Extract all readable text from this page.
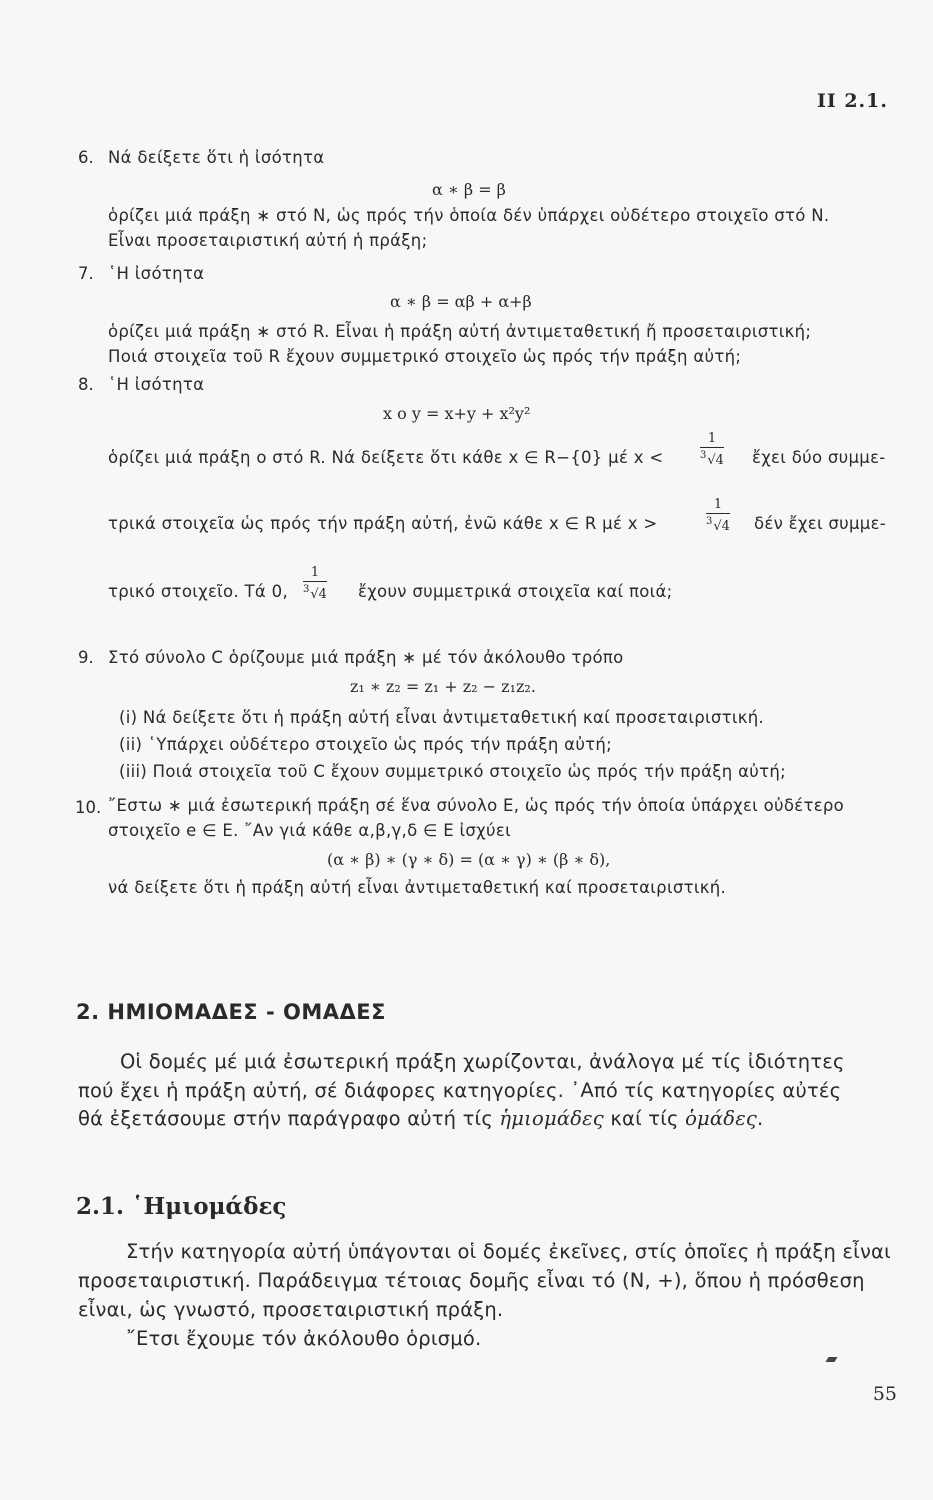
II 2.1.
6. Νά δείξετε ὅτι ἡ ἰσότητα
α ∗ β = β
ὁρίζει μιά πράξη ∗ στό N, ὡς πρός τήν ὁποία δέν ὑπάρχει οὐδέτερο στοιχεῖο στό N.
Εἶναι προσεταιριστική αὐτή ἡ πράξη;
7. ῾Η ἰσότητα
α ∗ β = αβ + α+β
ὁρίζει μιά πράξη ∗ στό R. Εἶναι ἡ πράξη αὐτή ἀντιμεταθετική ἤ προσεταιριστική;
Ποιά στοιχεῖα τοῦ R ἔχουν συμμετρικό στοιχεῖο ὡς πρός τήν πράξη αὐτή;
8. ῾Η ἰσότητα
x o y = x+y + x²y²
ὁρίζει μιά πράξη o στό R. Νά δείξετε ὅτι κάθε x ∈ R−{0} μέ x <	$\frac{1}{^3√4}$ ἔχει δύο συμμε-
τρικά στοιχεῖα ὡς πρός τήν πράξη αὐτή, ἐνῶ κάθε x ∈ R μέ x >	$\frac{1}{^3√4}$ δέν ἔχει συμμε-
τρικό στοιχεῖο. Τά 0, $\frac{1}{^3√4}$ ἔχουν συμμετρικά στοιχεῖα καί ποιά;
9. Στό σύνολο C ὁρίζουμε μιά πράξη ∗ μέ τόν ἀκόλουθο τρόπο
z₁ ∗ z₂ = z₁ + z₂ − z₁z₂.
(i) Νά δείξετε ὅτι ἡ πράξη αὐτή εἶναι ἀντιμεταθετική καί προσεταιριστική.
(ii) ῾Υπάρχει οὐδέτερο στοιχεῖο ὡς πρός τήν πράξη αὐτή;
(iii) Ποιά στοιχεῖα τοῦ C ἔχουν συμμετρικό στοιχεῖο ὡς πρός τήν πράξη αὐτή;
10. ῎Εστω ∗ μιά ἐσωτερική πράξη σέ ἕνα σύνολο E, ὡς πρός τήν ὁποία ὑπάρχει οὐδέτερο
στοιχεῖο e ∈ E. ῎Αν γιά κάθε α,β,γ,δ ∈ E ἰσχύει
(α ∗ β) ∗ (γ ∗ δ) = (α ∗ γ) ∗ (β ∗ δ),
νά δείξετε ὅτι ἡ πράξη αὐτή εἶναι ἀντιμεταθετική καί προσεταιριστική.
2. ΗΜΙΟΜΑΔΕΣ - ΟΜΑΔΕΣ
Οἱ δομές μέ μιά ἐσωτερική πράξη χωρίζονται, ἀνάλογα μέ τίς ἰδιότητες
πού ἔχει ἡ πράξη αὐτή, σέ διάφορες κατηγορίες. ᾿Από τίς κατηγορίες αὐτές
θά ἐξετάσουμε στήν παράγραφο αὐτή τίς ἡμιομάδες καί τίς ὁμάδες.
2.1. ῾Ημιομάδες
Στήν κατηγορία αὐτή ὑπάγονται οἱ δομές ἐκεῖνες, στίς ὁποῖες ἡ πράξη εἶναι
προσεταιριστική. Παράδειγμα τέτοιας δομῆς εἶναι τό (N, +), ὅπου ἡ πρόσθεση
εἶναι, ὡς γνωστό, προσεταιριστική πράξη.
῎Ετσι ἔχουμε τόν ἀκόλουθο ὁρισμό.
55
